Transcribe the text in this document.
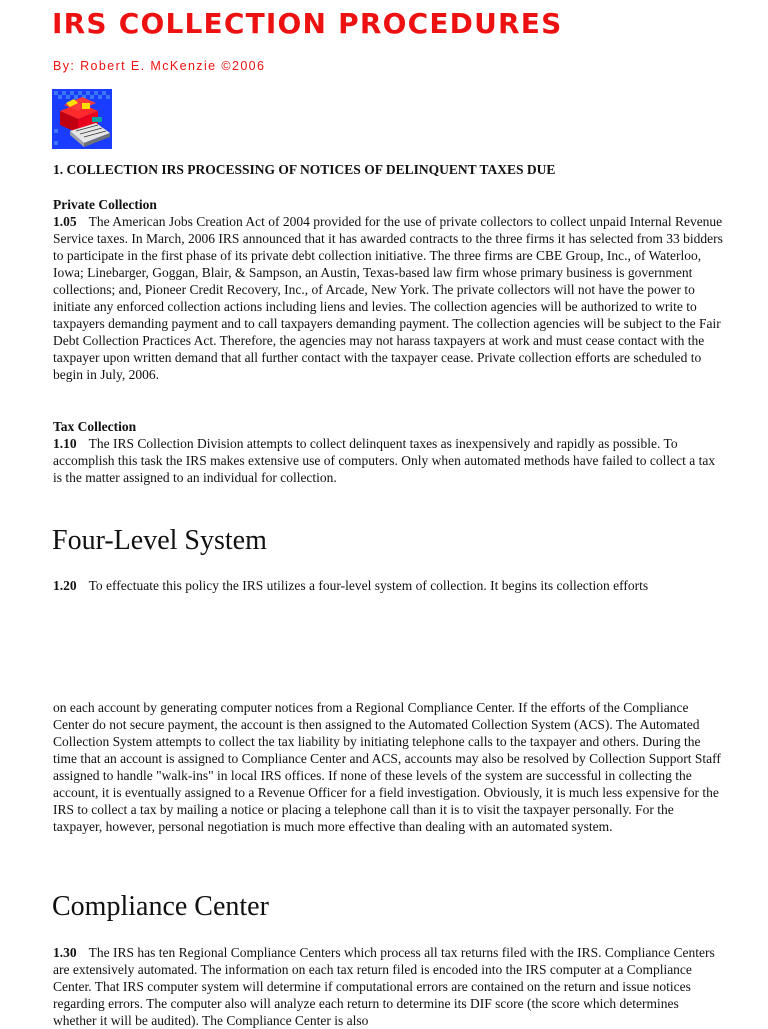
IRS COLLECTION PROCEDURES
By: Robert E. McKenzie ©2006
1. COLLECTION IRS PROCESSING OF NOTICES OF DELINQUENT TAXES DUE

Private Collection

1.05 The American Jobs Creation Act of 2004 provided for the use of private collectors to collect unpaid Internal Revenue Service taxes. In March, 2006 IRS announced that it has awarded contracts to the three firms it has selected from 33 bidders to participate in the first phase of its private debt collection initiative. The three firms are CBE Group, Inc., of Waterloo, Iowa; Linebarger, Goggan, Blair, & Sampson, an Austin, Texas-based law firm whose primary business is government collections; and, Pioneer Credit Recovery, Inc., of Arcade, New York. The private collectors will not have the power to initiate any enforced collection actions including liens and levies. The collection agencies will be authorized to write to taxpayers demanding payment and to call taxpayers demanding payment. The collection agencies will be subject to the Fair Debt Collection Practices Act. Therefore, the agencies may not harass taxpayers at work and must cease contact with the taxpayer upon written demand that all further contact with the taxpayer cease. Private collection efforts are scheduled to begin in July, 2006.

Tax Collection

1.10 The IRS Collection Division attempts to collect delinquent taxes as inexpensively and rapidly as possible. To accomplish this task the IRS makes extensive use of computers. Only when automated methods have failed to collect a tax is the matter assigned to an individual for collection.

Four-Level System

1.20 To effectuate this policy the IRS utilizes a four-level system of collection. It begins its collection efforts

on each account by generating computer notices from a Regional Compliance Center. If the efforts of the Compliance Center do not secure payment, the account is then assigned to the Automated Collection System (ACS). The Automated Collection System attempts to collect the tax liability by initiating telephone calls to the taxpayer and others. During the time that an account is assigned to Compliance Center and ACS, accounts may also be resolved by Collection Support Staff assigned to handle "walk-ins" in local IRS offices. If none of these levels of the system are successful in collecting the account, it is eventually assigned to a Revenue Officer for a field investigation. Obviously, it is much less expensive for the IRS to collect a tax by mailing a notice or placing a telephone call than it is to visit the taxpayer personally. For the taxpayer, however, personal negotiation is much more effective than dealing with an automated system.

Compliance Center

1.30 The IRS has ten Regional Compliance Centers which process all tax returns filed with the IRS. Compliance Centers are extensively automated. The information on each tax return filed is encoded into the IRS computer at a Compliance Center. That IRS computer system will determine if computational errors are contained on the return and issue notices regarding errors. The computer also will analyze each return to determine its DIF score (the score which determines whether it will be audited). The Compliance Center is also
